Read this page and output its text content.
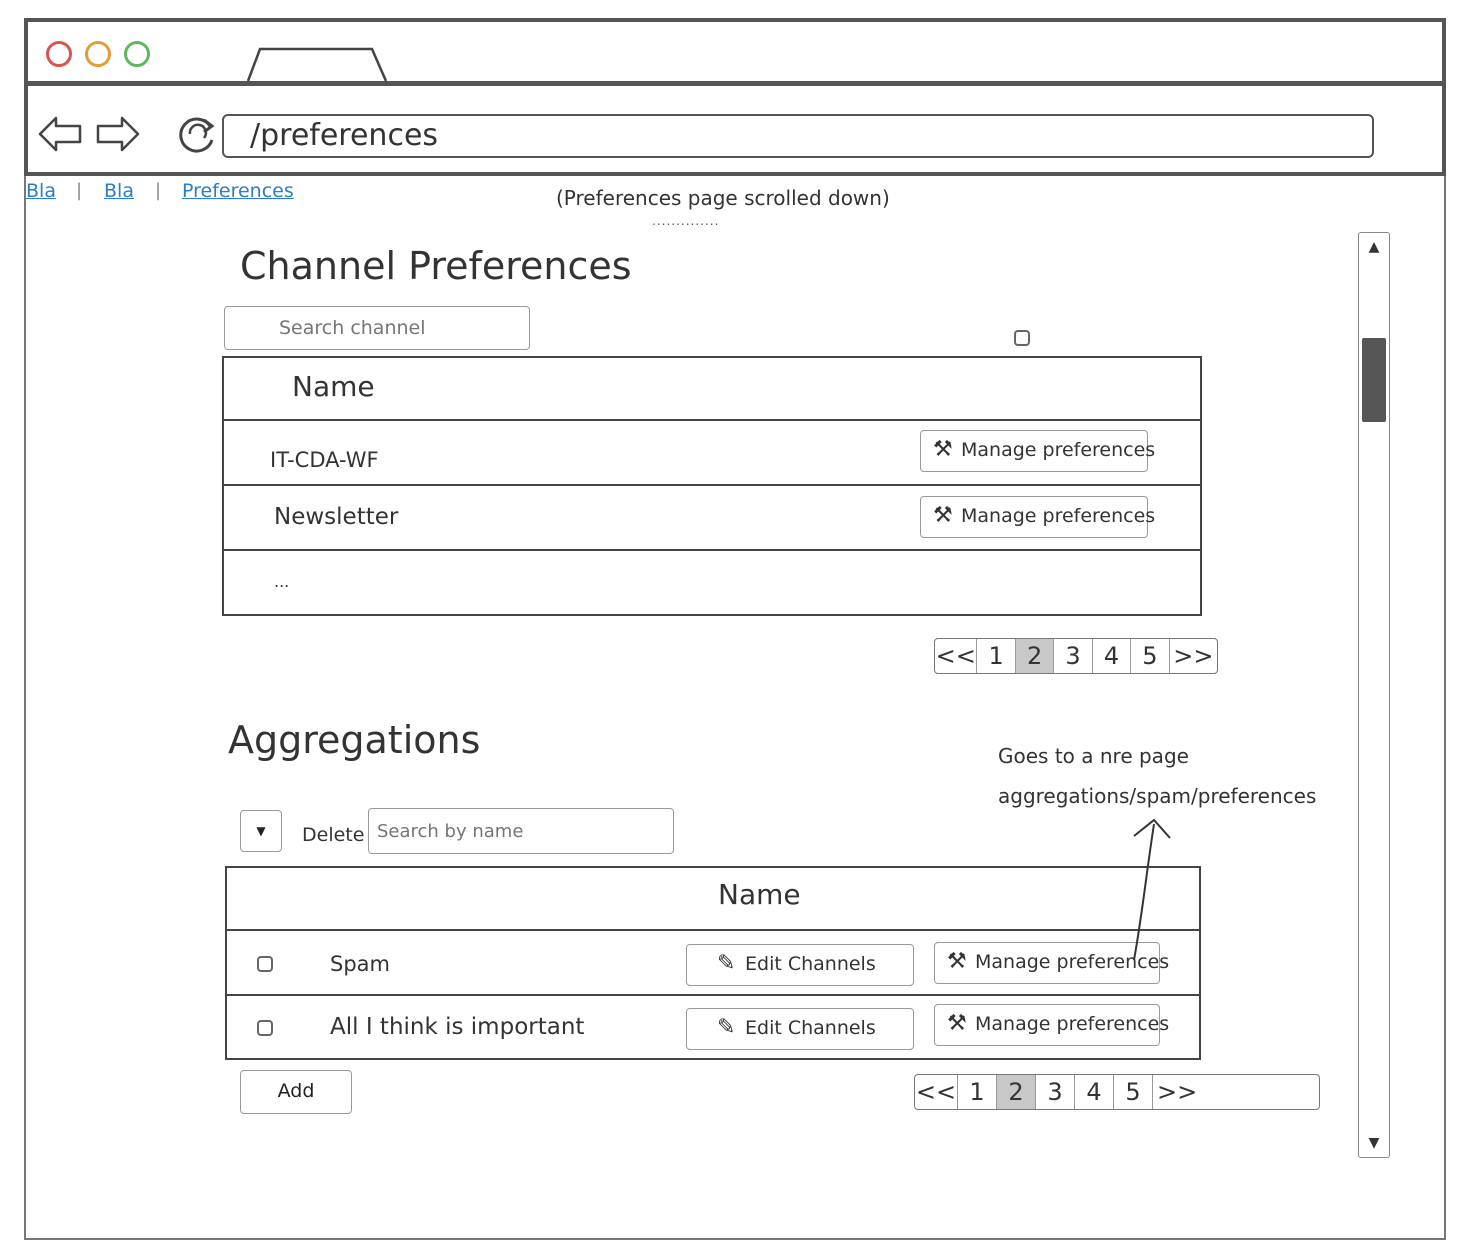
/preferences
Bla | Bla | Preferences	(Preferences page scrolled down)
..............
Channel Preferences
Search channel
Name
IT-CDA-WF	⚒ Manage preferences
Newsletter	⚒ Manage preferences
...
<< 1 2 3 4 5 >>
Aggregations
▼	Delete
Search by name
Name
Spam	✎ Edit Channels	⚒ Manage preferences
All I think is important	✎ Edit Channels	⚒ Manage preferences
Add	<< 1 2 3 4 5 >>
Goes to a nre page
aggregations/spam/preferences
▲
▼
